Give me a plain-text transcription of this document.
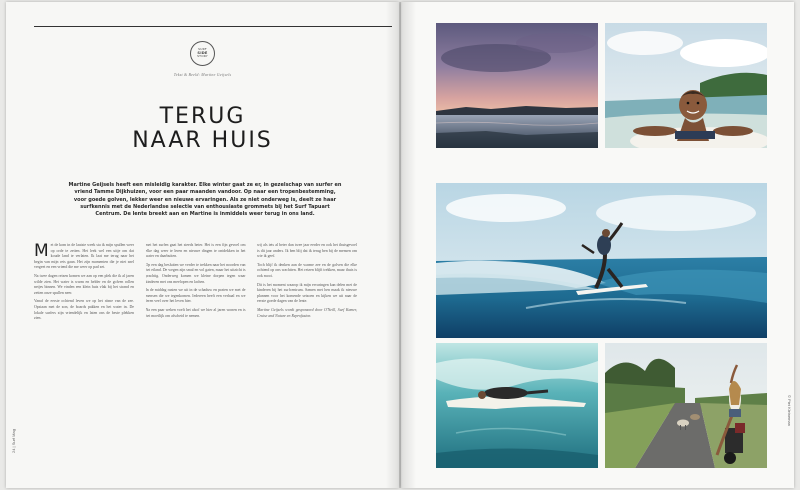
SURF
SIDE
STORY
Tekst & Beeld: Martine Geijsels
TERUG
NAAR HUIS
Martine Geijsels heeft een misleidig karakter. Elke winter gaat ze er, in gezelschap van surfer en vriend Tamme Dijkhuizen, voor een paar maanden vandoor. Op naar een tropenbestemming, voor goede golven, lekker weer en nieuwe ervaringen. Als ze niet onderweg is, deelt ze haar surfkennis met de Nederlandse selectie van enthousiaste grommets bij het Surf Tapuart Centrum. De lente breekt aan en Martine is inmiddels weer terug in ons land.
M et de kom in de laatste week sta ik mijn spullen weer op orde te zetten. Het leek wel een uitje om dat koude land te verlaten. Ik laat me terug naar het begin van mijn reis gaan. Het zijn momenten die je niet snel vergeet en een vriend die me weer op pad zet.

Na twee dagen reizen komen we aan op een plek die ik al jaren wilde zien. Het water is warm en helder en de golven rollen netjes binnen. We vinden een klein huis vlak bij het strand en zetten onze spullen neer.

Vanaf de eerste ochtend leven we op het ritme van de zee. Opstaan met de zon, de boards pakken en het water in. De lokale surfers zijn vriendelijk en laten ons de beste plekken zien.

met het surfen gaat het steeds beter. Het is een fijn gevoel om elke dag weer te leren en nieuwe dingen te ontdekken in het water en daarbuiten.

Op een dag besluiten we verder te trekken naar het noorden van het eiland. De wegen zijn smal en vol gaten, maar het uitzicht is prachtig. Onderweg komen we kleine dorpen tegen waar kinderen met ons meelopen en lachen.

In de middag rusten we uit in de schaduw en praten we met de mensen die we tegenkomen. Iedereen heeft een verhaal en we leren veel over het leven hier.

Na een paar weken voelt het alsof we hier al jaren wonen en is het moeilijk om afscheid te nemen.

wij als iets al beter dan twee jaar eerder en ook het thuisgevoel is dit jaar anders. Ik ben blij dat ik terug ben bij de mensen om wie ik geef.

Toch blijf ik denken aan de warme zee en de golven die elke ochtend op ons wachtten. Het reizen blijft trekken, maar thuis is ook mooi.

Dit is het moment waarop ik mijn ervaringen kan delen met de kinderen bij het surfcentrum. Samen met hen maak ik nieuwe plannen voor het komende seizoen en kijken we uit naar de eerste goede dagen van de lente.

Martine Geijsels wordt gesponsord door O'Neill, Surf Kamer, Cruise and Nature en Reprofusion.

24 | Surf Mag
© Piet Kleineman
